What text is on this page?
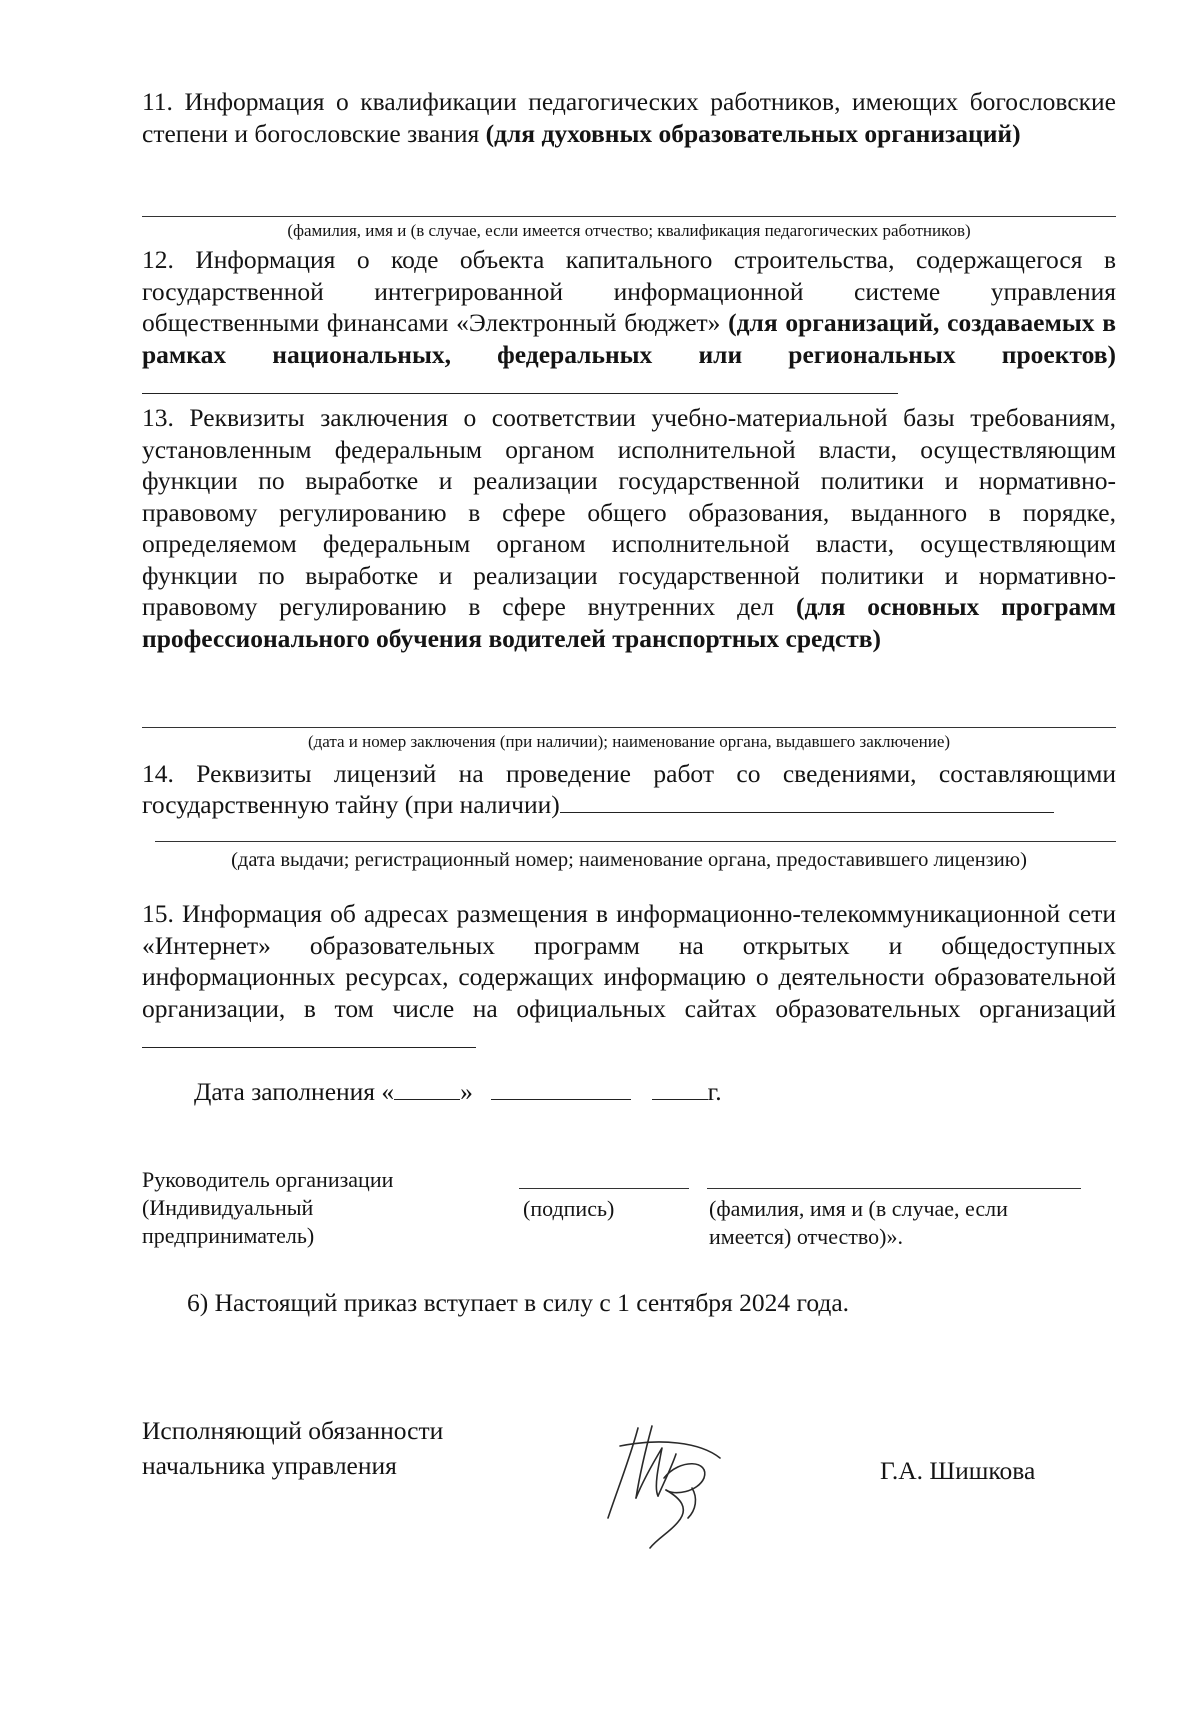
11. Информация о квалификации педагогических работников, имеющих богословские степени и богословские звания (для духовных образовательных организаций)
(фамилия, имя и (в случае, если имеется отчество; квалификация педагогических работников)
12. Информация о коде объекта капитального строительства, содержащегося в государственной интегрированной информационной системе управления общественными финансами «Электронный бюджет» (для организаций, создаваемых в рамках национальных, федеральных или региональных проектов)
13. Реквизиты заключения о соответствии учебно-материальной базы требованиям, установленным федеральным органом исполнительной власти, осуществляющим функции по выработке и реализации государственной политики и нормативно-правовому регулированию в сфере общего образования, выданного в порядке, определяемом федеральным органом исполнительной власти, осуществляющим функции по выработке и реализации государственной политики и нормативно-правовому регулированию в сфере внутренних дел (для основных программ профессионального обучения водителей транспортных средств)
(дата и номер заключения (при наличии); наименование органа, выдавшего заключение)
14. Реквизиты лицензий на проведение работ со сведениями, составляющими
государственную тайну (при наличии)
(дата выдачи; регистрационный номер; наименование органа, предоставившего лицензию)
15. Информация об адресах размещения в информационно-телекоммуникационной сети «Интернет» образовательных программ на открытых и общедоступных информационных ресурсах, содержащих информацию о деятельности образовательной организации, в том числе на официальных сайтах образовательных организаций
Дата заполнения «	»	г.
Руководитель организации
(Индивидуальный
предприниматель)
(подпись)	(фамилия, имя и (в случае, если
имеется) отчество)».
6) Настоящий приказ вступает в силу с 1 сентября 2024 года.
Исполняющий обязанности
начальника управления	Г.А. Шишкова
